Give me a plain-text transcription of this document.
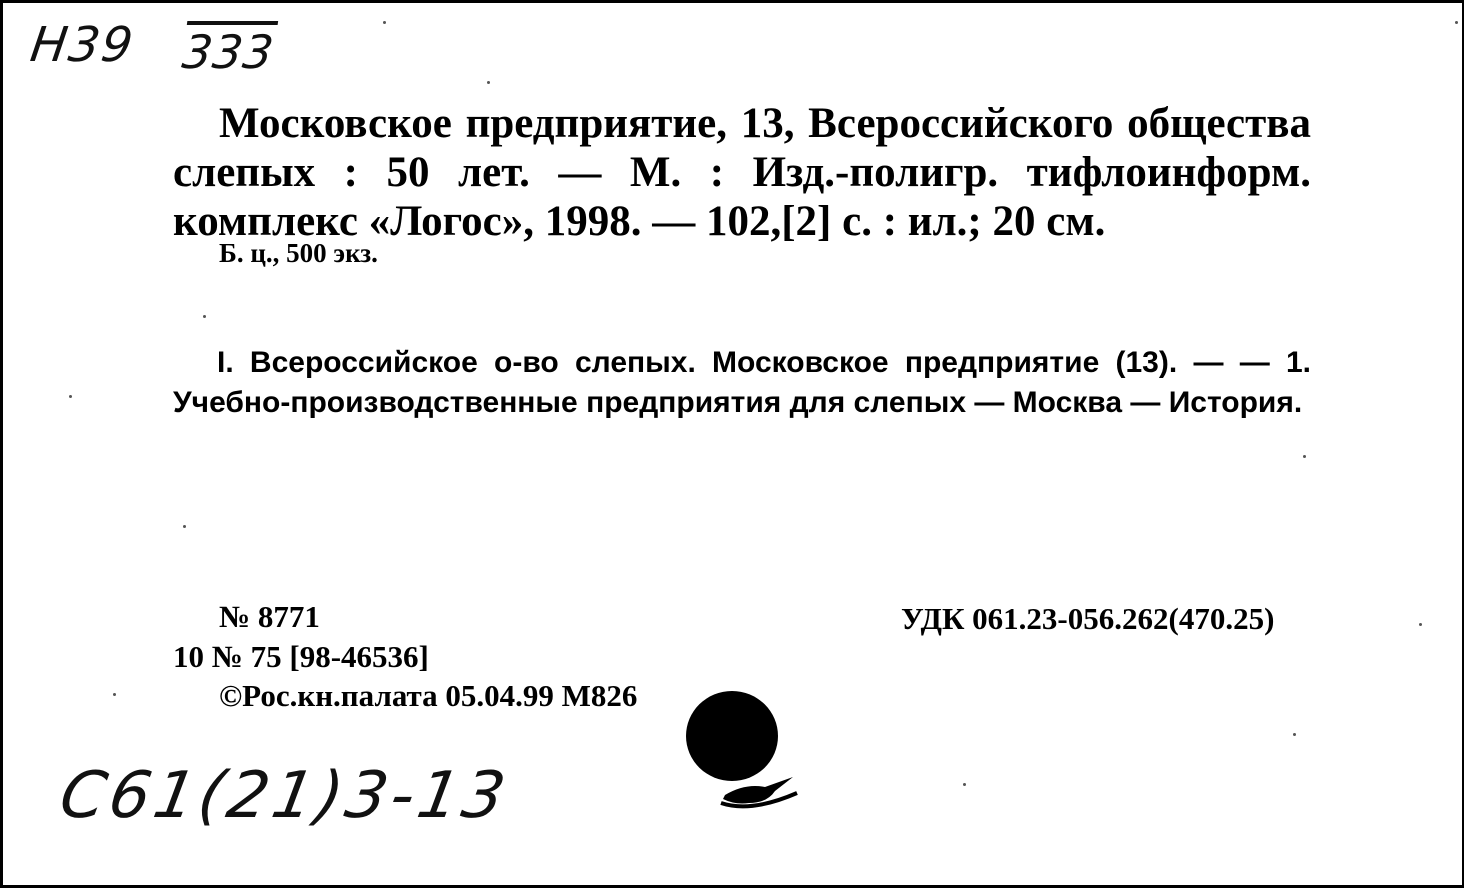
Н39 333
Московское предприятие, 13, Всероссийского общества слепых : 50 лет. — М. : Изд.-полигр. тифлоинформ. комплекс «Логос», 1998. — 102,[2] с. : ил.; 20 см.
Б. ц., 500 экз.
I. Всероссийское о-во слепых. Московское предприятие (13). — — 1. Учебно-производственные предприятия для слепых — Москва — История.
№ 8771
10 № 75 [98-46536]
©Рос.кн.палата 05.04.99 M826
УДК 061.23-056.262(470.25)
С61(21)3-13
